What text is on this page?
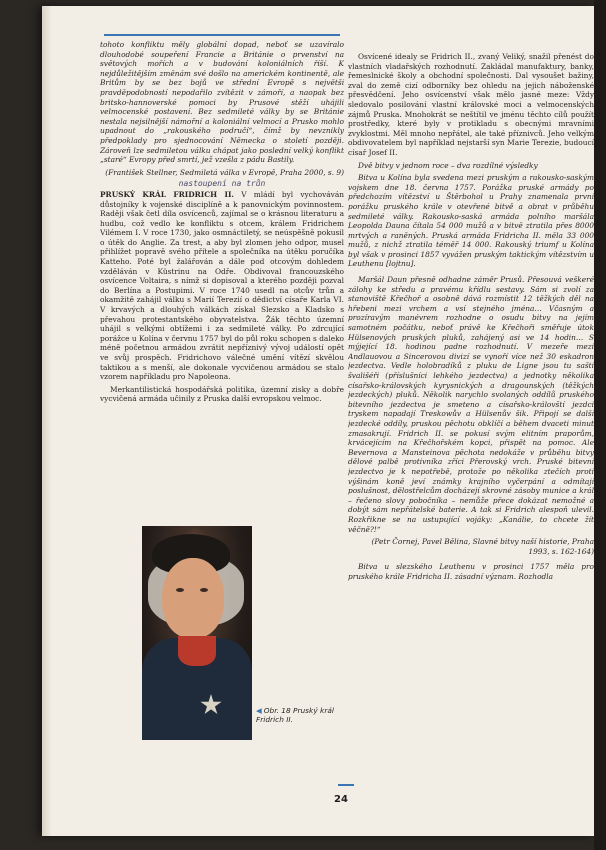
tohoto konfliktu měly globální dopad, neboť se uzavíralo dlouhodobé soupeření Francie a Británie o prvenství na světových mořích a v budování koloniálních říší. K nejdůležitějším změnám své došlo na americkém kontinentě, ale Britům by se bez bojů ve střední Evropě s největší pravděpodobností nepodařilo zvítězit v zámoří, a naopak bez britsko-hannoverské pomoci by Prusové stěží uhájili velmocenské postavení. Bez sedmileté války by se Británie nestala nejsilnější námořní a koloniální velmocí a Prusko mohlo upadnout do „rakouského područí“, čímž by nevznikly předpoklady pro sjednocování Německa o století později. Zároveň lze sedmiletou válku chápat jako poslední velký konflikt „staré“ Evropy před smrtí, jež vzešla z pádu Bastily.

(František Stellner, Sedmiletá válka v Evropě, Praha 2000, s. 9)
nastoupení na trůn

PRUSKÝ KRÁL FRIDRICH II. V mládí byl vychováván důstojníky k vojenské disciplíně a k panovnickým povinnostem. Raději však četl díla osvícenců, zajímal se o krásnou literaturu a hudbu, což vedlo ke konfliktu s otcem, králem Fridrichem Vilémem I. V roce 1730, jako osmnáctiletý, se neúspěšně pokusil o útěk do Anglie. Za trest, a aby byl zlomen jeho odpor, musel přihlížet popravě svého přítele a společníka na útěku poručíka Katteho. Poté byl žalářován a dále pod otcovým dohledem vzděláván v Küstrinu na Odře. Obdivoval francouzského osvícence Voltaira, s nímž si dopisoval a kterého později pozval do Berlína a Postupimi. V roce 1740 usedl na otcův trůn a okamžitě zahájil válku s Marií Terezií o dědictví císaře Karla VI. V krvavých a dlouhých válkách získal Slezsko a Kladsko s převahou protestantského obyvatelstva. Žák těchto územní uhájil s velkými obtížemi i za sedmileté války. Po zdrcující porážce u Kolína v červnu 1757 byl do půl roku schopen s daleko méně početnou armádou zvrátit nepříznivý vývoj událostí opět ve svůj prospěch. Fridrichovo válečné umění vítězí skvělou taktikou a s menší, ale dokonale vycvičenou armádou se stalo vzorem napříkladu pro Napoleona.

Merkantilistická hospodářská politika, územní zisky a dobře vycvičená armáda učinily z Pruska další evropskou velmoc.

◀ Obr. 18 Pruský král Fridrich II.

Osvícené idealy se Fridrich II., zvaný Veliký, snažil přenést do vlastních vladařských rozhodnutí. Zakládal manufaktury, banky, řemeslnické školy a obchodní společnosti. Dal vysoušet bažiny, zval do země cizí odborníky bez ohledu na jejich náboženské přesvědčení. Jeho osvícenství však mělo jasné meze: Vždy sledovalo posilování vlastní královské moci a velmocenských zájmů Pruska. Mnohokrát se neštítil ve jménu těchto cílů použít prostředky, které byly v protikladu s obecnými mravními zvyklostmi. Měl mnoho nepřátel, ale také příznivců. Jeho velkým obdivovatelem byl například nejstarší syn Marie Terezie, budoucí císař Josef II.

Dvě bitvy v jednom roce – dva rozdílné výsledky

Bitva u Kolína byla svedena mezi pruským a rakousko-saským vojskem dne 18. června 1757. Porážka pruské armády po předchozím vítězství u Štěrbohol u Prahy znamenala první porážku pruského krále v otevřené bitvě a obrat v průběhu sedmileté války. Rakousko-saská armáda polního maršála Leopolda Dauna čítala 54 000 mužů a v bitvě ztratila přes 8000 mrtvých a raněných. Pruská armáda Fridricha II. měla 33 000 mužů, z nichž ztratila téměř 14 000. Rakouský triumf u Kolína byl však v prosinci 1857 vyvážen pruským taktickým vítězstvím u Leuthenu [lojtnu].

Maršál Daun přesně odhadne záměr Prusů. Přesouvá veškeré zálohy ke středu a pravému křídlu sestavy. Sám si zvolí za stanoviště Křečhoř a osobně dává rozmístit 12 těžkých děl na hřebeni mezi vrchem a vsí stejného jména… Včasným a prozíravým manévrem rozhodne o osudu bitvy na jejím samotném počátku, neboť právě ke Křečhoři směřuje útok Hülsenových pruských pluků, zahájený asi ve 14 hodin… S mýjející 18. hodinou padne rozhodnutí. V mezeře mezi Andlauovou a Sincerovou divizí se vynoří více než 30 eskadron jezdectva. Vedle holobradíků z pluku de Ligne jsou tu sašti švališéři (příslušníci lehkého jezdectva) a jednotky několika císařsko-královských kyrysnických a dragounských (těžkých jezdeckých) pluků. Několik narychlo svolaných oddílů pruského bitevního jezdectva je smeteno a císařsko-královští jezdci tryskem napadají Treskowův a Hülsenův šik. Připojí se další jezdecké oddíly, pruskou pěchotu obklíčí a během dvaceti minut zmasakrují. Fridrich II. se pokusí svým elitním praporům, krvácejícím na Křečhořském kopci, přispět na pomoc. Ale Bevernova a Mansteinova pěchota nedokáže v průběhu bitvy dělové palbě protivníka zříci Přerovský vrch. Pruské bitevní jezdectvo je k nepotřebě, protože po několika ztečích proti výšinám koně jeví známky krajního vyčerpání a odmítají poslušnost, dělostřelcům docházejí skrovné zásoby munice a král – řečeno slovy pobočníka – nemůže přece dokázat nemožné a dobýt sám nepřátelské baterie. A tak si Fridrich alespoň ulevil. Rozkřikne se na ustupující vojáky: „Kanálie, to chcete žít věčně?!“

(Petr Čornej, Pavel Bělina, Slavné bitvy naší historie, Praha 1993, s. 162-164)

Bitva u slezského Leuthenu v prosinci 1757 měla pro pruského krále Fridricha II. zásadní význam. Rozhodla

24
